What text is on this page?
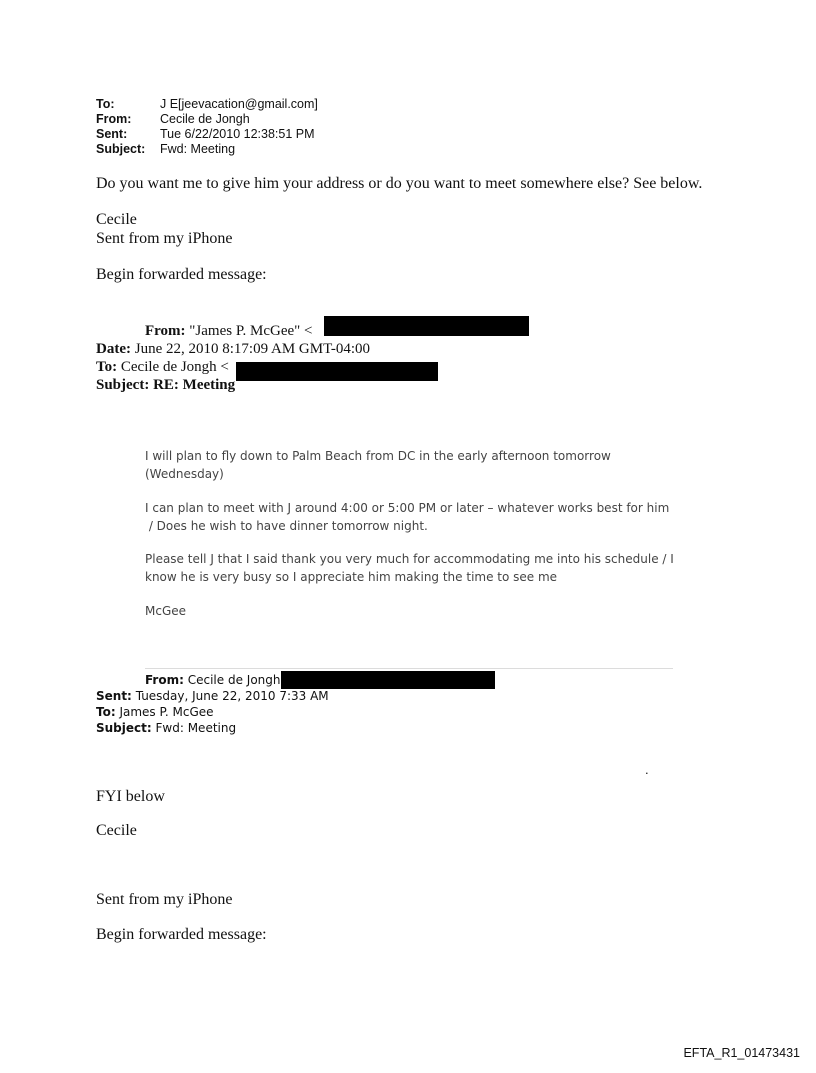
To:	J E[jeevacation@gmail.com]
From: Cecile de Jongh
Sent:	Tue 6/22/2010 12:38:51 PM
Subject: Fwd: Meeting
Do you want me to give him your address or do you want to meet somewhere else? See below.
Cecile
Sent from my iPhone
Begin forwarded message:
From: "James P. McGee" <
Date: June 22, 2010 8:17:09 AM GMT-04:00
To: Cecile de Jongh <
Subject: RE: Meeting
I will plan to fly down to Palm Beach from DC in the early afternoon tomorrow
(Wednesday)
I can plan to meet with J around 4:00 or 5:00 PM or later – whatever works best for him
/ Does he wish to have dinner tomorrow night.
Please tell J that I said thank you very much for accommodating me into his schedule / I
know he is very busy so I appreciate him making the time to see me
McGee
From: Cecile de Jongh
Sent: Tuesday, June 22, 2010 7:33 AM
To: James P. McGee
Subject: Fwd: Meeting
.
FYI below
Cecile
Sent from my iPhone
Begin forwarded message:
EFTA_R1_01473431
